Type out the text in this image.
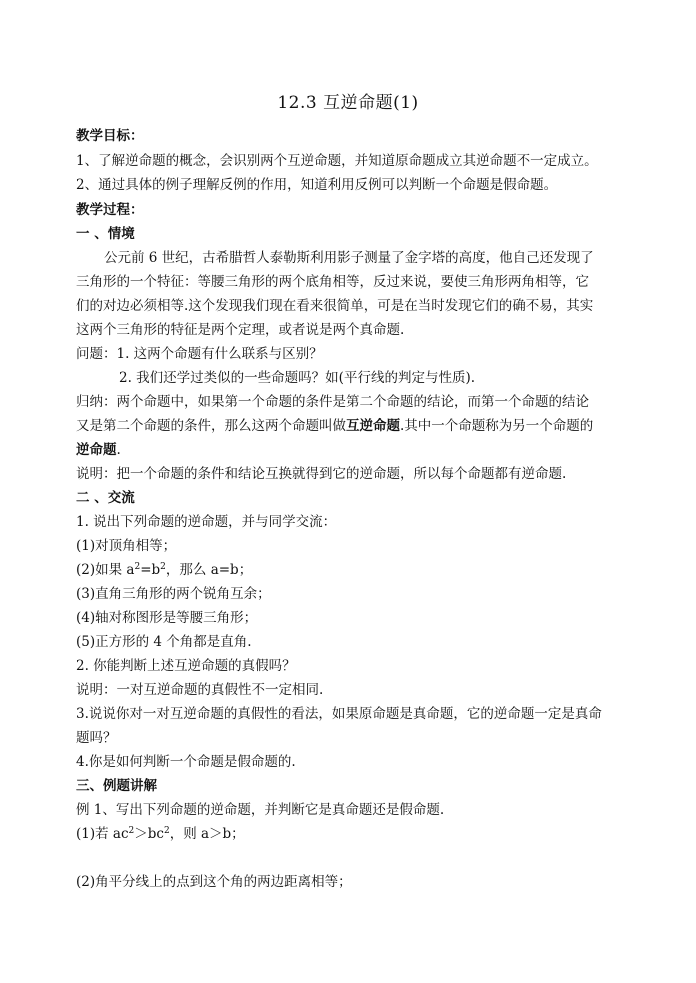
12.3 互逆命题(1)
教学目标：
1、了解逆命题的概念，会识别两个互逆命题，并知道原命题成立其逆命题不一定成立。
2、通过具体的例子理解反例的作用，知道利用反例可以判断一个命题是假命题。
教学过程：
一 、情境
公元前 6 世纪，古希腊哲人泰勒斯利用影子测量了金字塔的高度，他自己还发现了
三角形的一个特征：等腰三角形的两个底角相等，反过来说，要使三角形两角相等，它
们的对边必须相等.这个发现我们现在看来很简单，可是在当时发现它们的确不易，其实
这两个三角形的特征是两个定理，或者说是两个真命题.
问题：1. 这两个命题有什么联系与区别？
2. 我们还学过类似的一些命题吗？如(平行线的判定与性质).
归纳：两个命题中，如果第一个命题的条件是第二个命题的结论，而第一个命题的结论
又是第二个命题的条件，那么这两个命题叫做互逆命题.其中一个命题称为另一个命题的
逆命题.
说明：把一个命题的条件和结论互换就得到它的逆命题，所以每个命题都有逆命题.
二 、交流
1. 说出下列命题的逆命题，并与同学交流：
(1)对顶角相等；
(2)如果 $a^2=b^2$，那么 a=b；
(3)直角三角形的两个锐角互余；
(4)轴对称图形是等腰三角形；
(5)正方形的 4 个角都是直角.
2. 你能判断上述互逆命题的真假吗？
说明：一对互逆命题的真假性不一定相同.
3.说说你对一对互逆命题的真假性的看法，如果原命题是真命题，它的逆命题一定是真命
题吗？
4.你是如何判断一个命题是假命题的.
三、例题讲解
例 1、写出下列命题的逆命题，并判断它是真命题还是假命题.
(1)若 $ac^2>bc^2$，则 a＞b；
(2)角平分线上的点到这个角的两边距离相等；
